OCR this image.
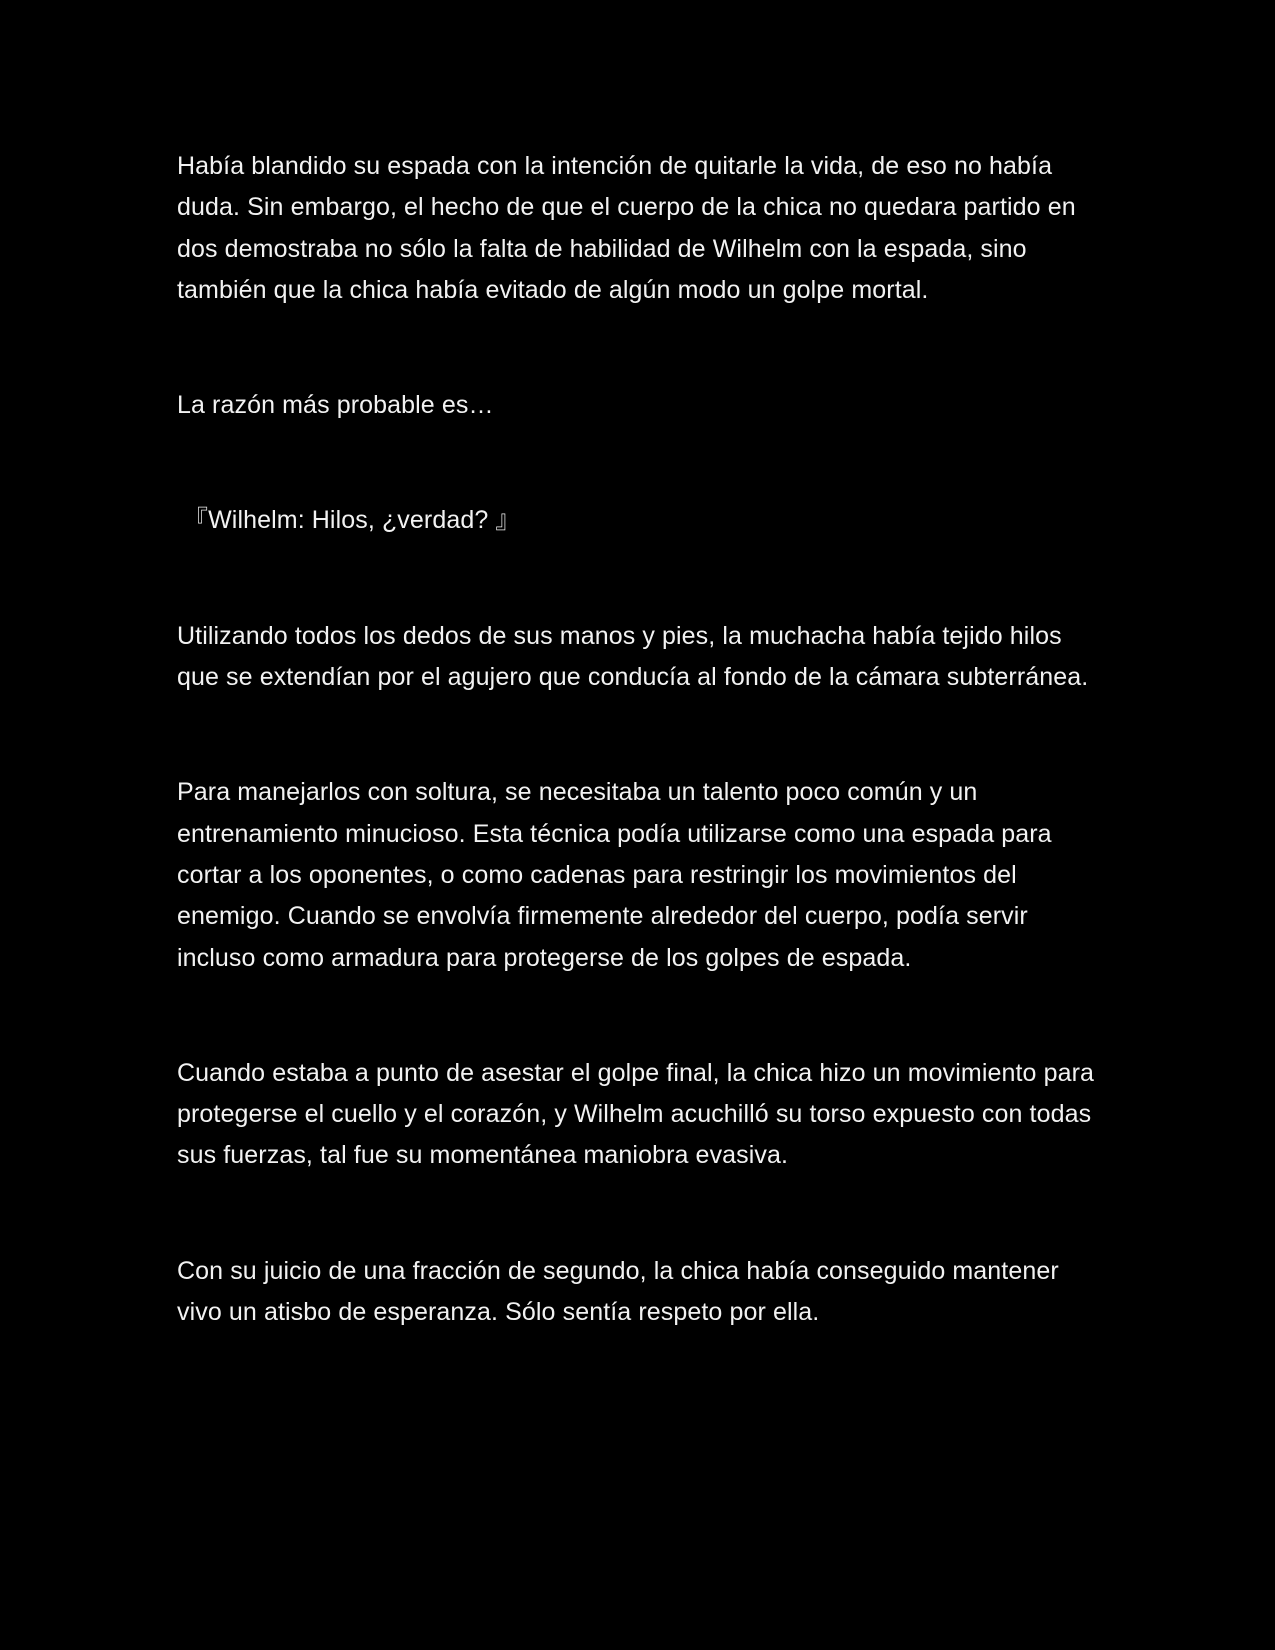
Había blandido su espada con la intención de quitarle la vida, de eso no había duda. Sin embargo, el hecho de que el cuerpo de la chica no quedara partido en dos demostraba no sólo la falta de habilidad de Wilhelm con la espada, sino también que la chica había evitado de algún modo un golpe mortal.

La razón más probable es…

『Wilhelm: Hilos, ¿verdad? 』

Utilizando todos los dedos de sus manos y pies, la muchacha había tejido hilos que se extendían por el agujero que conducía al fondo de la cámara subterránea.

Para manejarlos con soltura, se necesitaba un talento poco común y un entrenamiento minucioso. Esta técnica podía utilizarse como una espada para cortar a los oponentes, o como cadenas para restringir los movimientos del enemigo. Cuando se envolvía firmemente alrededor del cuerpo, podía servir incluso como armadura para protegerse de los golpes de espada.

Cuando estaba a punto de asestar el golpe final, la chica hizo un movimiento para protegerse el cuello y el corazón, y Wilhelm acuchilló su torso expuesto con todas sus fuerzas, tal fue su momentánea maniobra evasiva.

Con su juicio de una fracción de segundo, la chica había conseguido mantener vivo un atisbo de esperanza. Sólo sentía respeto por ella.
